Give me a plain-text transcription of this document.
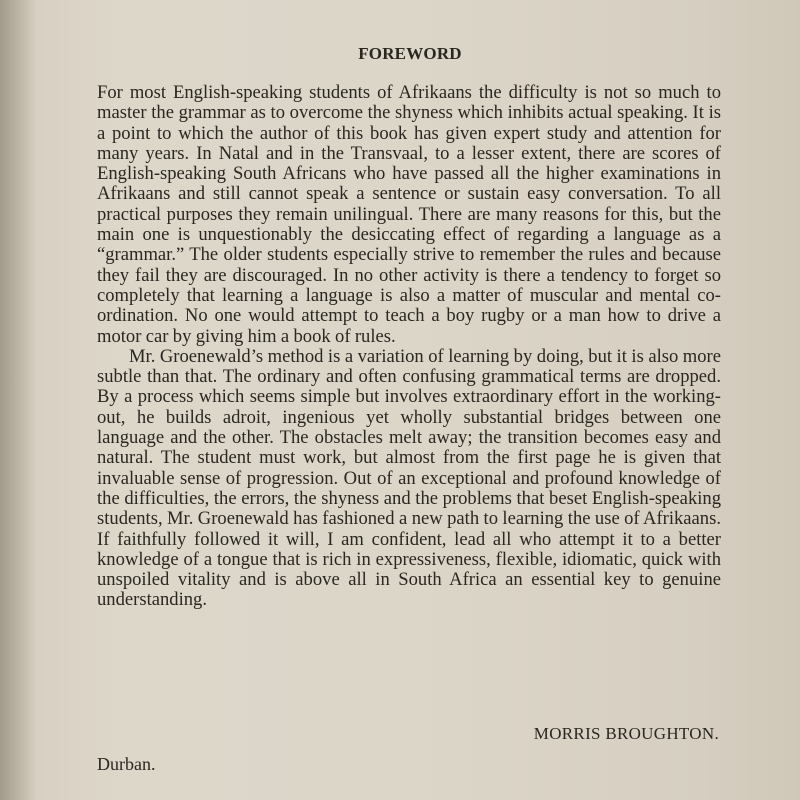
FOREWORD

For most English-speaking students of Afrikaans the difficulty is not so much to master the grammar as to overcome the shyness which inhibits actual speaking. It is a point to which the author of this book has given expert study and attention for many years. In Natal and in the Transvaal, to a lesser extent, there are scores of English-speaking South Africans who have passed all the higher examinations in Afrikaans and still cannot speak a sentence or sustain easy conversation. To all practical purposes they remain unilingual. There are many reasons for this, but the main one is unquestionably the desiccating effect of regarding a language as a “grammar.” The older students especially strive to remember the rules and because they fail they are discouraged. In no other activity is there a tendency to forget so completely that learning a language is also a matter of muscular and mental co-ordination. No one would attempt to teach a boy rugby or a man how to drive a motor car by giving him a book of rules.

Mr. Groenewald’s method is a variation of learning by doing, but it is also more subtle than that. The ordinary and often confusing grammatical terms are dropped. By a process which seems simple but involves extraordinary effort in the working-out, he builds adroit, ingenious yet wholly substantial bridges between one language and the other. The obstacles melt away; the transition becomes easy and natural. The student must work, but almost from the first page he is given that invaluable sense of progression. Out of an exceptional and profound knowledge of the difficulties, the errors, the shyness and the problems that beset English-speaking students, Mr. Groenewald has fashioned a new path to learning the use of Afrikaans. If faithfully followed it will, I am confident, lead all who attempt it to a better knowledge of a tongue that is rich in expressiveness, flexible, idiomatic, quick with unspoiled vitality and is above all in South Africa an essential key to genuine understanding.

MORRIS BROUGHTON.
Durban.
